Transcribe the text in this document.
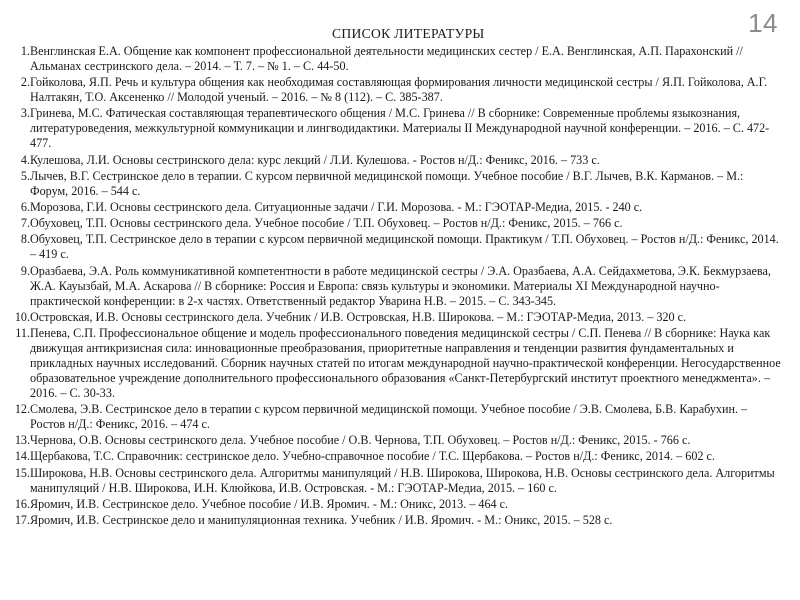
14
СПИСОК ЛИТЕРАТУРЫ
1. Венглинская Е.А. Общение как компонент профессиональной деятельности медицинских сестер / Е.А. Венглинская, А.П. Парахонский // Альманах сестринского дела. – 2014. – Т. 7. – № 1. – С. 44-50.
2. Гойколова, Я.П. Речь и культура общения как необходимая составляющая формирования личности медицинской сестры / Я.П. Гойколова, А.Г. Налтакян, Т.О. Аксененко // Молодой ученый. – 2016. – № 8 (112). – С. 385-387.
3. Гринева, М.С. Фатическая составляющая терапевтического общения / М.С. Гринева // В сборнике: Современные проблемы языкознания, литературоведения, межкультурной коммуникации и лингводидактики. Материалы II Международной научной конференции. – 2016. – С. 472-477.
4. Кулешова, Л.И. Основы сестринского дела: курс лекций / Л.И. Кулешова. - Ростов н/Д.: Феникс, 2016. – 733 с.
5. Лычев, В.Г. Сестринское дело в терапии. С курсом первичной медицинской помощи. Учебное пособие / В.Г. Лычев, В.К. Карманов. – М.: Форум, 2016. – 544 с.
6. Морозова, Г.И. Основы сестринского дела. Ситуационные задачи / Г.И. Морозова. - М.: ГЭОТАР-Медиа, 2015. - 240 с.
7. Обуховец, Т.П. Основы сестринского дела. Учебное пособие / Т.П. Обуховец. – Ростов н/Д.: Феникс, 2015. – 766 с.
8. Обуховец, Т.П. Сестринское дело в терапии с курсом первичной медицинской помощи. Практикум / Т.П. Обуховец. – Ростов н/Д.: Феникс, 2014. – 419 с.
9. Оразбаева, Э.А. Роль коммуникативной компетентности в работе медицинской сестры / Э.А. Оразбаева, А.А. Сейдахметова, Э.К. Бекмурзаева, Ж.А. Кауызбай, М.А. Аскарова // В сборнике: Россия и Европа: связь культуры и экономики. Материалы XI Международной научно-практической конференции: в 2-х частях. Ответственный редактор Уварина Н.В. – 2015. – С. 343-345.
10. Островская, И.В. Основы сестринского дела. Учебник / И.В. Островская, Н.В. Широкова. – М.: ГЭОТАР-Медиа, 2013. – 320 с.
11. Пенева, С.П. Профессиональное общение и модель профессионального поведения медицинской сестры / С.П. Пенева // В сборнике: Наука как движущая антикризисная сила: инновационные преобразования, приоритетные направления и тенденции развития фундаментальных и прикладных научных исследований. Сборник научных статей по итогам международной научно-практической конференции. Негосударственное образовательное учреждение дополнительного профессионального образования «Санкт-Петербургский институт проектного менеджмента». – 2016. – С. 30-33.
12. Смолева, Э.В. Сестринское дело в терапии с курсом первичной медицинской помощи. Учебное пособие / Э.В. Смолева, Б.В. Карабухин. – Ростов н/Д.: Феникс, 2016. – 474 с.
13. Чернова, О.В. Основы сестринского дела. Учебное пособие / О.В. Чернова, Т.П. Обуховец. – Ростов н/Д.: Феникс, 2015. - 766 с.
14. Щербакова, Т.С. Справочник: сестринское дело. Учебно-справочное пособие / Т.С. Щербакова. – Ростов н/Д.: Феникс, 2014. – 602 с.
15. Широкова, Н.В. Основы сестринского дела. Алгоритмы манипуляций / Н.В. Широкова, Широкова, Н.В. Основы сестринского дела. Алгоритмы манипуляций / Н.В. Широкова, И.Н. Клюйкова, И.В. Островская. - М.: ГЭОТАР-Медиа, 2015. – 160 с.
16. Яромич, И.В. Сестринское дело. Учебное пособие / И.В. Яромич. - М.: Оникс, 2013. – 464 с.
17. Яромич, И.В. Сестринское дело и манипуляционная техника. Учебник / И.В. Яромич. - М.: Оникс, 2015. – 528 с.
